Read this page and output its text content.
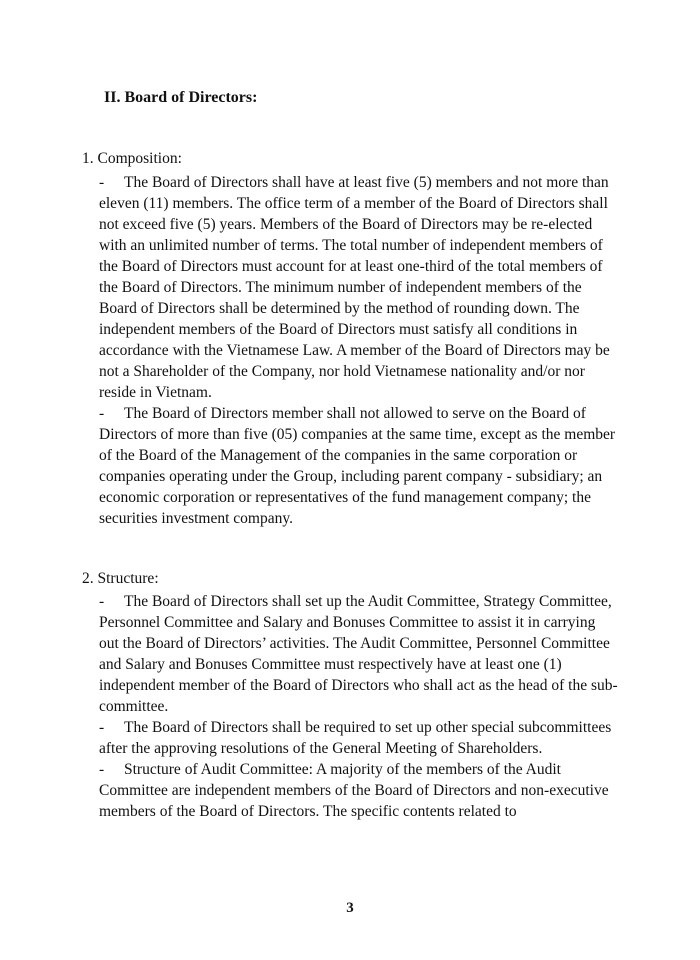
II. Board of Directors:
1. Composition:

- The Board of Directors shall have at least five (5) members and not more than eleven (11) members. The office term of a member of the Board of Directors shall not exceed five (5) years. Members of the Board of Directors may be re-elected with an unlimited number of terms. The total number of independent members of the Board of Directors must account for at least one-third of the total members of the Board of Directors. The minimum number of independent members of the Board of Directors shall be determined by the method of rounding down. The independent members of the Board of Directors must satisfy all conditions in accordance with the Vietnamese Law. A member of the Board of Directors may be not a Shareholder of the Company, nor hold Vietnamese nationality and/or nor reside in Vietnam.

- The Board of Directors member shall not allowed to serve on the Board of Directors of more than five (05) companies at the same time, except as the member of the Board of the Management of the companies in the same corporation or companies operating under the Group, including parent company - subsidiary; an economic corporation or representatives of the fund management company; the securities investment company.

2. Structure:

- The Board of Directors shall set up the Audit Committee, Strategy Committee, Personnel Committee and Salary and Bonuses Committee to assist it in carrying out the Board of Directors’ activities. The Audit Committee, Personnel Committee and Salary and Bonuses Committee must respectively have at least one (1) independent member of the Board of Directors who shall act as the head of the sub-committee.

- The Board of Directors shall be required to set up other special subcommittees after the approving resolutions of the General Meeting of Shareholders.

- Structure of Audit Committee: A majority of the members of the Audit Committee are independent members of the Board of Directors and non-executive members of the Board of Directors. The specific contents related to

3
